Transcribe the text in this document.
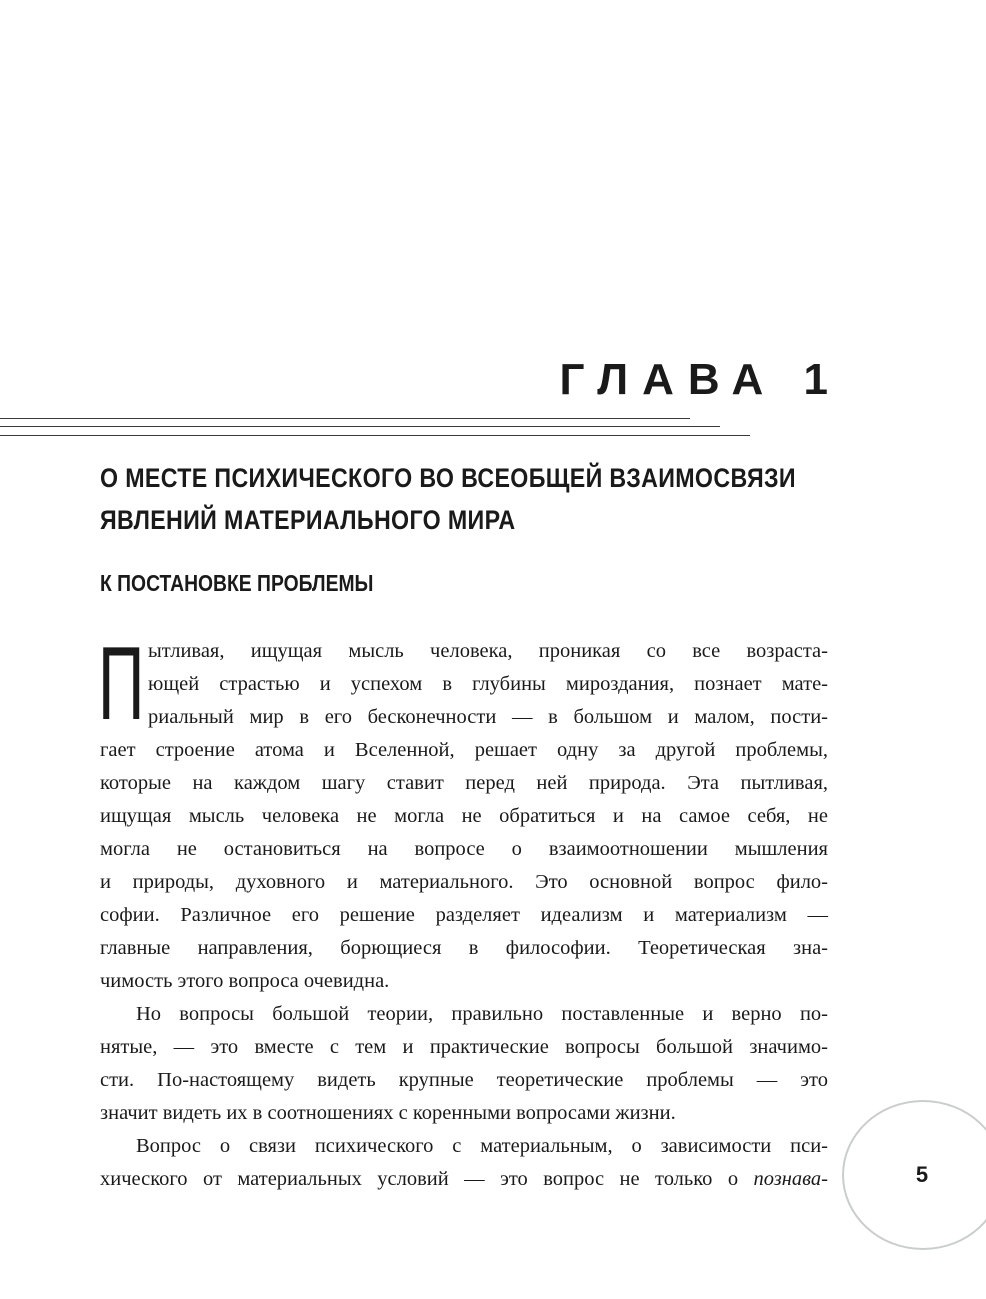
ГЛАВА 1
О МЕСТЕ ПСИХИЧЕСКОГО ВО ВСЕОБЩЕЙ ВЗАИМОСВЯЗИ
ЯВЛЕНИЙ МАТЕРИАЛЬНОГО МИРА
К ПОСТАНОВКЕ ПРОБЛЕМЫ
П ытливая, ищущая мысль человека, проникая со все возраста-
ющей страстью и успехом в глубины мироздания, познает мате-
риальный мир в его бесконечности — в большом и малом, пости-
гает строение атома и Вселенной, решает одну за другой проблемы,
которые на каждом шагу ставит перед ней природа. Эта пытливая,
ищущая мысль человека не могла не обратиться и на самое себя, не
могла не остановиться на вопросе о взаимоотношении мышления
и природы, духовного и материального. Это основной вопрос фило-
софии. Различное его решение разделяет идеализм и материализм —
главные направления, борющиеся в философии. Теоретическая зна-
чимость этого вопроса очевидна.
Но вопросы большой теории, правильно поставленные и верно по-
нятые, — это вместе с тем и практические вопросы большой значимо-
сти. По-настоящему видеть крупные теоретические проблемы — это
значит видеть их в соотношениях с коренными вопросами жизни.
Вопрос о связи психического с материальным, о зависимости пси-
хического от материальных условий — это вопрос не только о познава-	5
